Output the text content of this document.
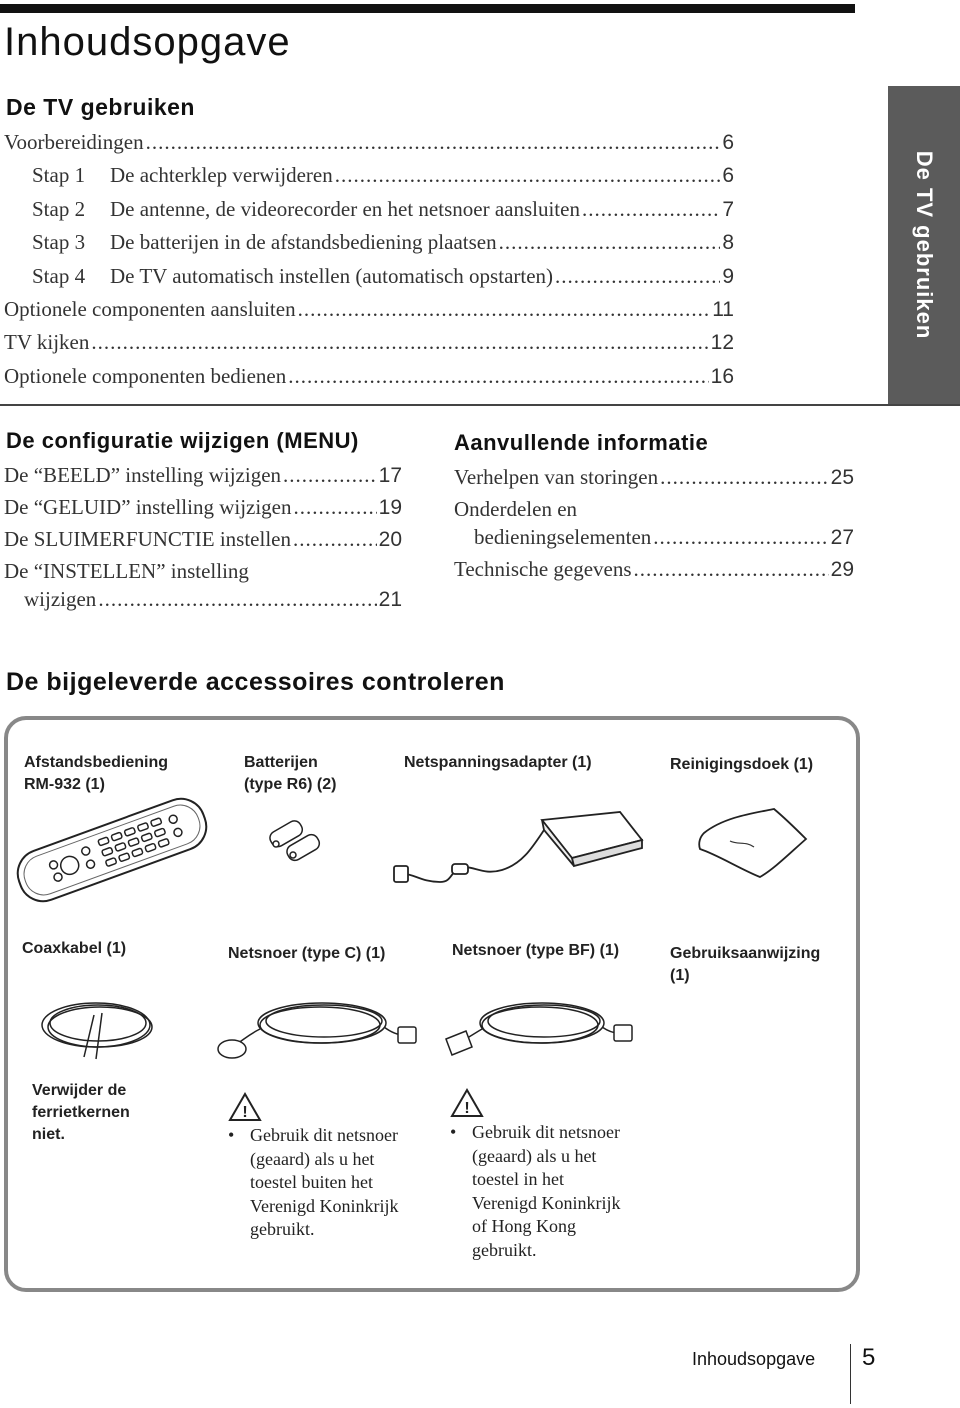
Inhoudsopgave
De TV gebruiken
Voorbereidingen .....	6
Stap 1 De achterklep verwijderen .....	6
Stap 2 De antenne, de videorecorder en het netsnoer aansluiten .....	7
Stap 3 De batterijen in de afstandsbediening plaatsen .....	8
Stap 4 De TV automatisch instellen (automatisch opstarten) .....	9
Optionele componenten aansluiten .....	11
TV kijken .....	12
Optionele componenten bedienen .....	16
De TV gebruiken
De configuratie wijzigen (MENU)
De “BEELD” instelling wijzigen .....	17
De “GELUID” instelling wijzigen .....	19
De SLUIMERFUNCTIE instellen .....	20
De “INSTELLEN” instelling
wijzigen .....	21
Aanvullende informatie
Verhelpen van storingen .....	25
Onderdelen en
bedieningselementen .....	27
Technische gegevens .....	29
De bijgeleverde accessoires controleren
Afstandsbediening
RM-932 (1)
Batterijen
(type R6) (2)
Netspanningsadapter (1)	Reinigingsdoek (1)
Coaxkabel (1)	Netsnoer (type C) (1)	Netsnoer (type BF) (1)	Gebruiksaanwijzing
(1)
Verwijder de
ferrietkernen
niet.
!	!
• Gebruik dit netsnoer
(geaard) als u het
toestel buiten het
Verenigd Koninkrijk
gebruikt.
• Gebruik dit netsnoer
(geaard) als u het
toestel in het
Verenigd Koninkrijk
of Hong Kong
gebruikt.
Inhoudsopgave 5
